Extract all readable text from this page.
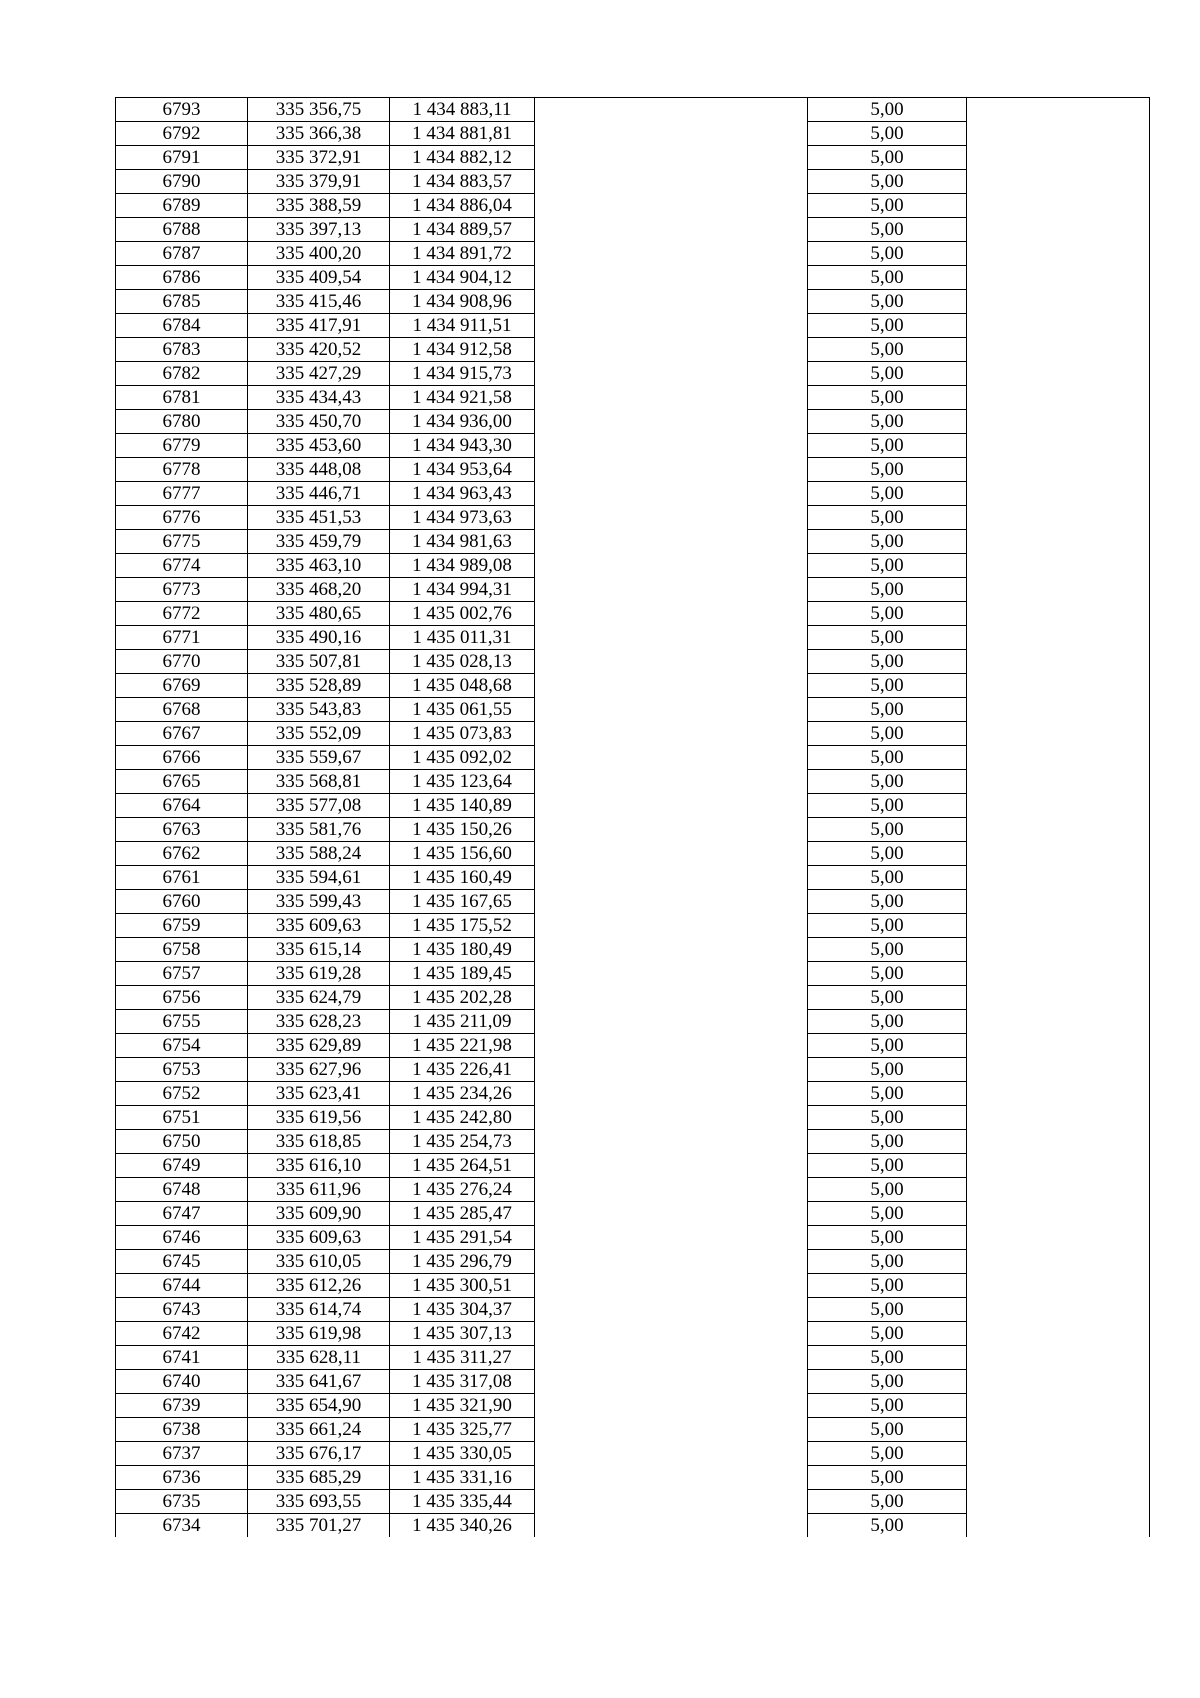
6793	335 356,75	1 434 883,11		5,00	
6792	335 366,38	1 434 881,81		5,00	
6791	335 372,91	1 434 882,12		5,00	
6790	335 379,91	1 434 883,57		5,00	
6789	335 388,59	1 434 886,04		5,00	
6788	335 397,13	1 434 889,57		5,00	
6787	335 400,20	1 434 891,72		5,00	
6786	335 409,54	1 434 904,12		5,00	
6785	335 415,46	1 434 908,96		5,00	
6784	335 417,91	1 434 911,51		5,00	
6783	335 420,52	1 434 912,58		5,00	
6782	335 427,29	1 434 915,73		5,00	
6781	335 434,43	1 434 921,58		5,00	
6780	335 450,70	1 434 936,00		5,00	
6779	335 453,60	1 434 943,30		5,00	
6778	335 448,08	1 434 953,64		5,00	
6777	335 446,71	1 434 963,43		5,00	
6776	335 451,53	1 434 973,63		5,00	
6775	335 459,79	1 434 981,63		5,00	
6774	335 463,10	1 434 989,08		5,00	
6773	335 468,20	1 434 994,31		5,00	
6772	335 480,65	1 435 002,76		5,00	
6771	335 490,16	1 435 011,31		5,00	
6770	335 507,81	1 435 028,13		5,00	
6769	335 528,89	1 435 048,68		5,00	
6768	335 543,83	1 435 061,55		5,00	
6767	335 552,09	1 435 073,83		5,00	
6766	335 559,67	1 435 092,02		5,00	
6765	335 568,81	1 435 123,64		5,00	
6764	335 577,08	1 435 140,89		5,00	
6763	335 581,76	1 435 150,26		5,00	
6762	335 588,24	1 435 156,60		5,00	
6761	335 594,61	1 435 160,49		5,00	
6760	335 599,43	1 435 167,65		5,00	
6759	335 609,63	1 435 175,52		5,00	
6758	335 615,14	1 435 180,49		5,00	
6757	335 619,28	1 435 189,45		5,00	
6756	335 624,79	1 435 202,28		5,00	
6755	335 628,23	1 435 211,09		5,00	
6754	335 629,89	1 435 221,98		5,00	
6753	335 627,96	1 435 226,41		5,00	
6752	335 623,41	1 435 234,26		5,00	
6751	335 619,56	1 435 242,80		5,00	
6750	335 618,85	1 435 254,73		5,00	
6749	335 616,10	1 435 264,51		5,00	
6748	335 611,96	1 435 276,24		5,00	
6747	335 609,90	1 435 285,47		5,00	
6746	335 609,63	1 435 291,54		5,00	
6745	335 610,05	1 435 296,79		5,00	
6744	335 612,26	1 435 300,51		5,00	
6743	335 614,74	1 435 304,37		5,00	
6742	335 619,98	1 435 307,13		5,00	
6741	335 628,11	1 435 311,27		5,00	
6740	335 641,67	1 435 317,08		5,00	
6739	335 654,90	1 435 321,90		5,00	
6738	335 661,24	1 435 325,77		5,00	
6737	335 676,17	1 435 330,05		5,00	
6736	335 685,29	1 435 331,16		5,00	
6735	335 693,55	1 435 335,44		5,00	
6734	335 701,27	1 435 340,26		5,00	
